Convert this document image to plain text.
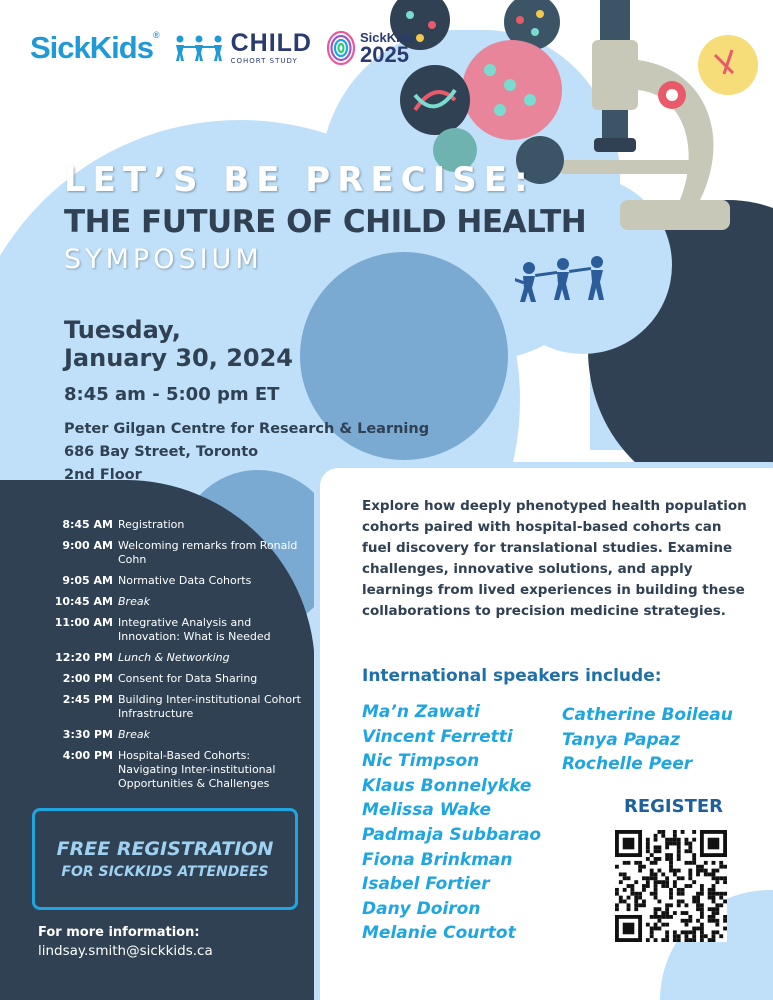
SickKids®	CHILD
COHORT STUDY
SickKids
2025
LET’S BE PRECISE:
THE FUTURE OF CHILD HEALTH
SYMPOSIUM
Tuesday,
January 30, 2024
8:45 am - 5:00 pm ET
Peter Gilgan Centre for Research & Learning
686 Bay Street, Toronto
2nd Floor
8:45 AM Registration
9:00 AM Welcoming remarks from Ronald Cohn
9:05 AM Normative Data Cohorts
10:45 AM Break
11:00 AM Integrative Analysis and Innovation: What is Needed
12:20 PM Lunch & Networking
2:00 PM Consent for Data Sharing
2:45 PM Building Inter-institutional Cohort Infrastructure
3:30 PM Break
4:00 PM Hospital-Based Cohorts: Navigating Inter-institutional Opportunities & Challenges
FREE REGISTRATION
FOR SICKKIDS ATTENDEES
For more information:
lindsay.smith@sickkids.ca
Explore how deeply phenotyped health population cohorts paired with hospital-based cohorts can fuel discovery for translational studies. Examine challenges, innovative solutions, and apply learnings from lived experiences in building these collaborations to precision medicine strategies.
International speakers include:
Ma’n Zawati
Vincent Ferretti
Nic Timpson
Klaus Bonnelykke
Melissa Wake
Padmaja Subbarao
Fiona Brinkman
Isabel Fortier
Dany Doiron
Melanie Courtot
Catherine Boileau
Tanya Papaz
Rochelle Peer
REGISTER
